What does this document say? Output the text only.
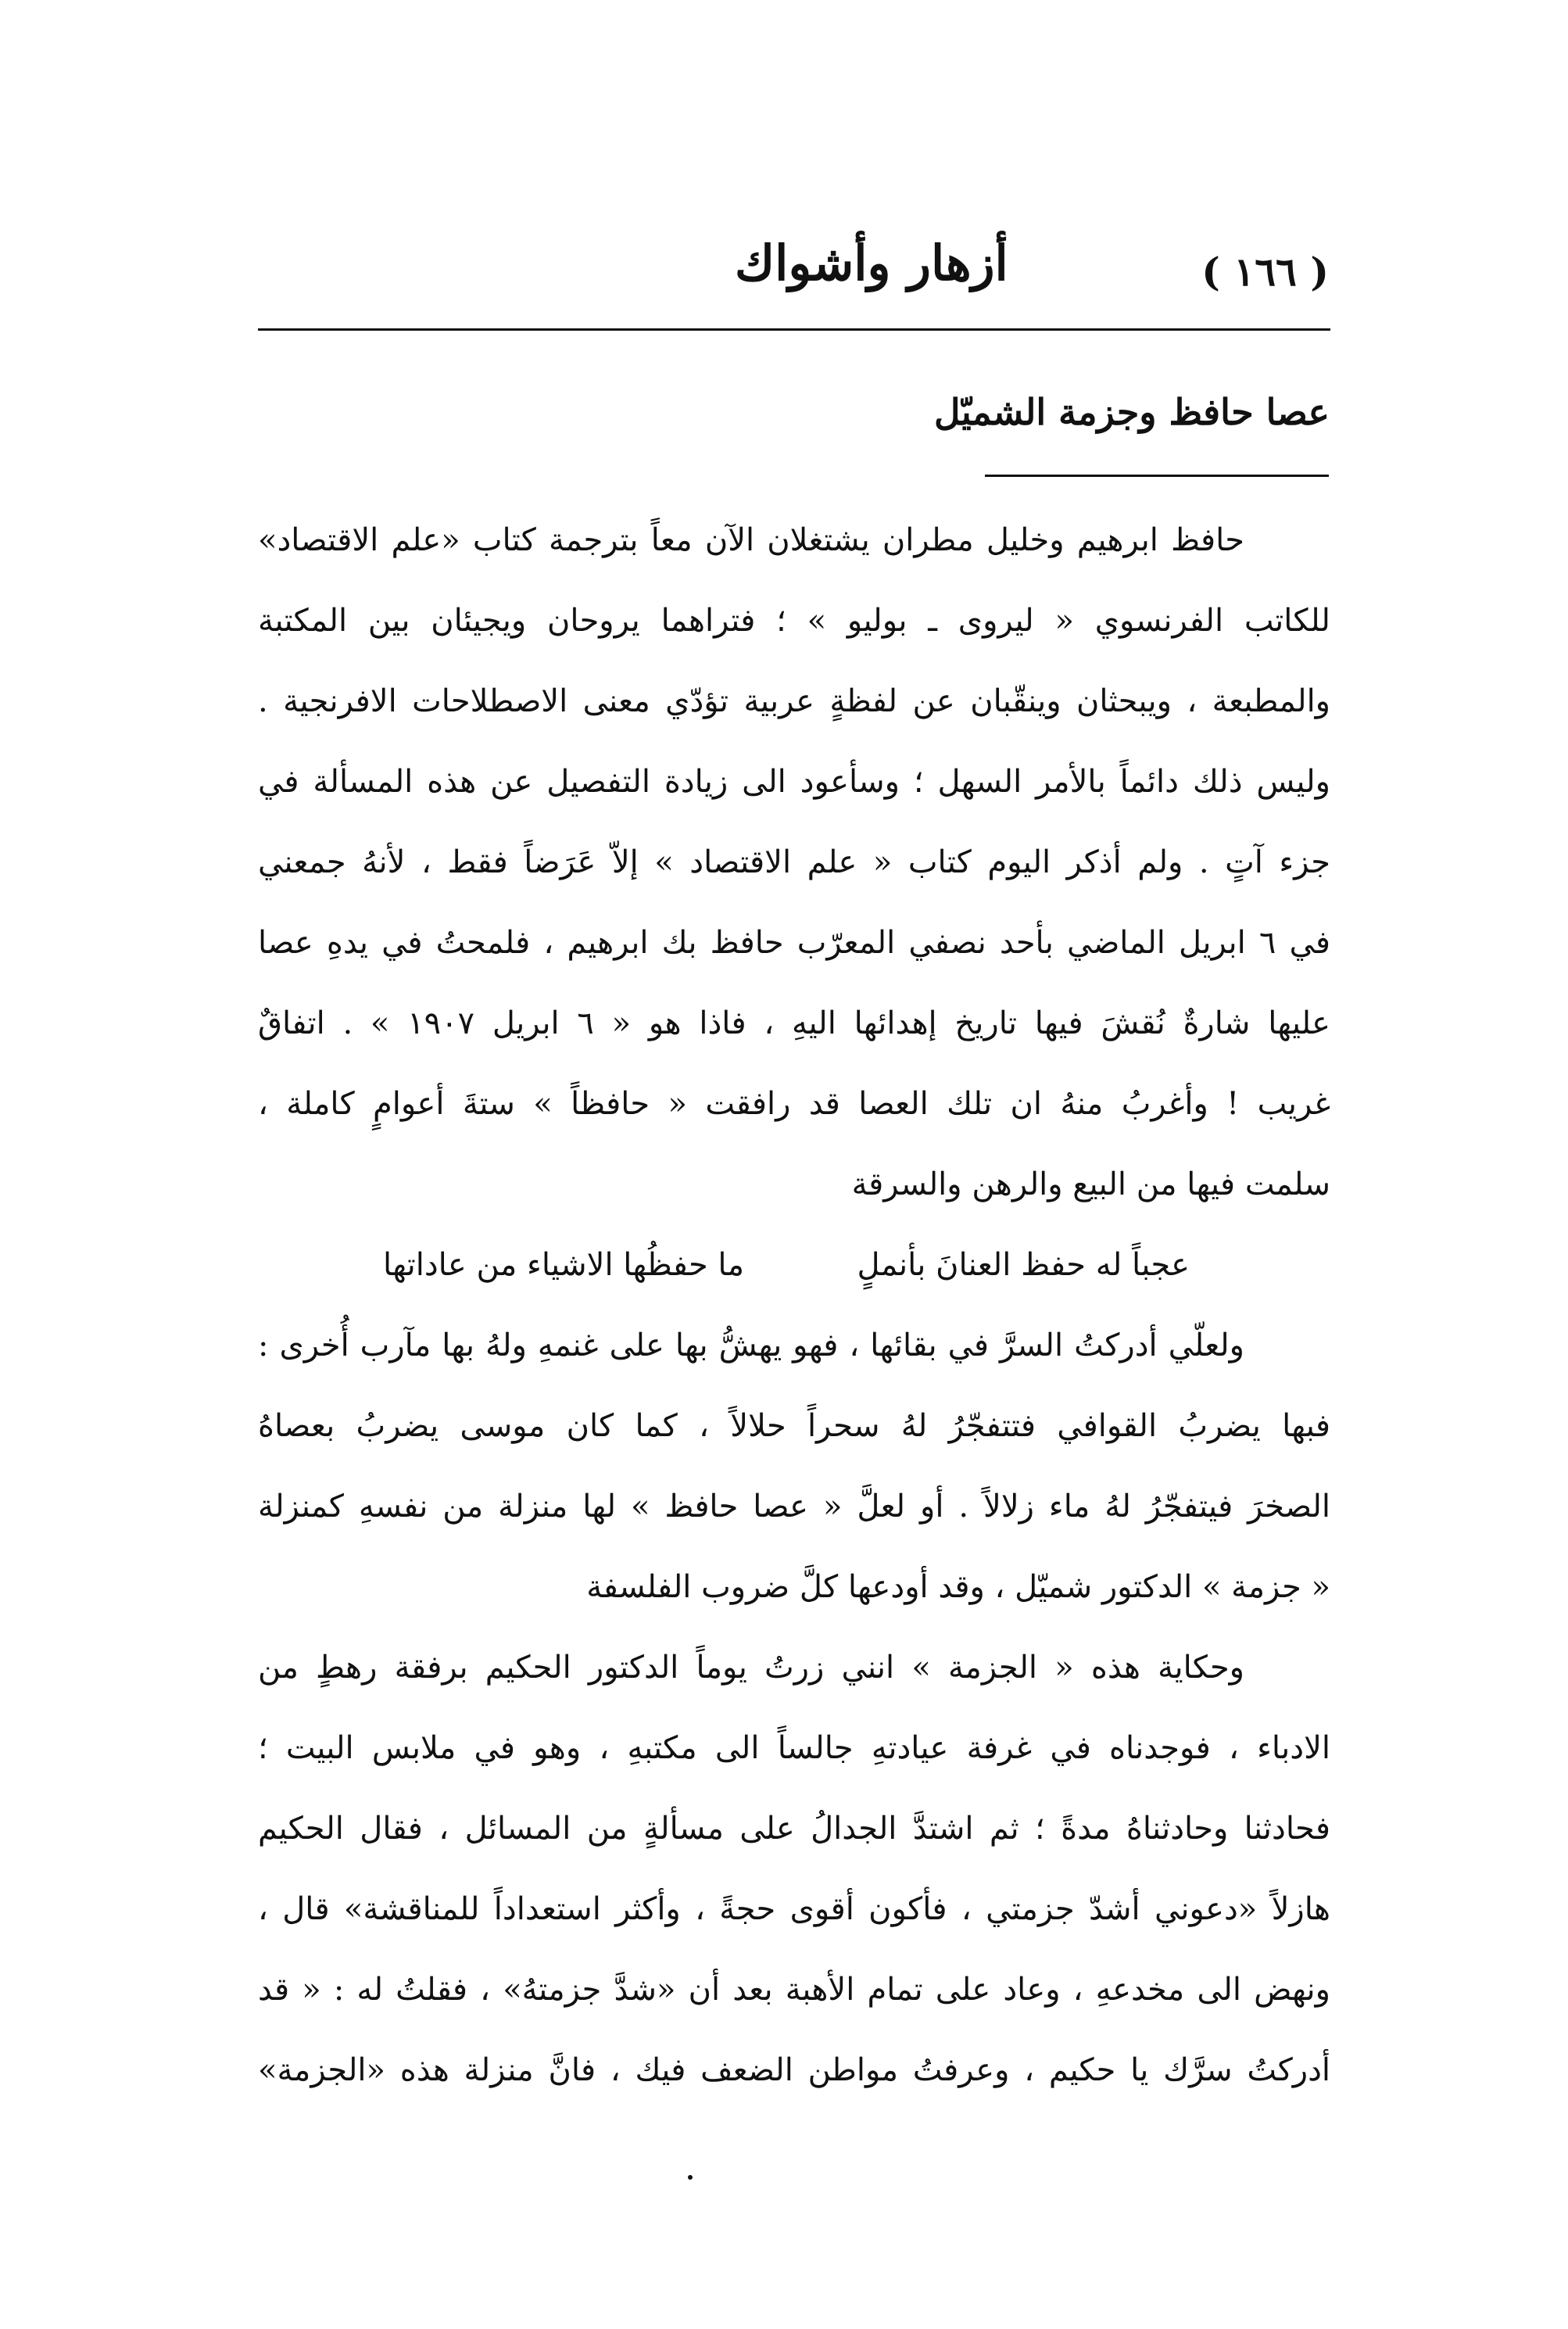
( ١٦٦ )
أزهار وأشواك
عصا حافظ وجزمة الشميّل
حافظ ابرهيم وخليل مطران يشتغلان الآن معاً بترجمة كتاب «علم الاقتصاد»
للكاتب الفرنسوي « ليروى ـ بوليو » ؛ فتراهما يروحان ويجيئان بين المكتبة
والمطبعة ، ويبحثان وينقّبان عن لفظةٍ عربية تؤدّي معنى الاصطلاحات الافرنجية .
وليس ذلك دائماً بالأمر السهل ؛ وسأعود الى زيادة التفصيل عن هذه المسألة في
جزء آتٍ . ولم أذكر اليوم كتاب « علم الاقتصاد » إلاّ عَرَضاً فقط ، لأنهُ جمعني
في ٦ ابريل الماضي بأحد نصفي المعرّب حافظ بك ابرهيم ، فلمحتُ في يدهِ عصا
عليها شارةٌ نُقشَ فيها تاريخ إهدائها اليهِ ، فاذا هو « ٦ ابريل ١٩٠٧ » . اتفاقٌ
غريب ! وأغربُ منهُ ان تلك العصا قد رافقت « حافظاً » ستةَ أعوامٍ كاملة ،
سلمت فيها من البيع والرهن والسرقة
عجباً له حفظ العنانَ بأنملٍ
ما حفظُها الاشياء من عاداتها
ولعلّي أدركتُ السرَّ في بقائها ، فهو يهشُّ بها على غنمهِ ولهُ بها مآرب أُخرى :
فبها يضربُ القوافي فتتفجّرُ لهُ سحراً حلالاً ، كما كان موسى يضربُ بعصاهُ
الصخرَ فيتفجّرُ لهُ ماء زلالاً . أو لعلَّ « عصا حافظ » لها منزلة من نفسهِ كمنزلة
« جزمة » الدكتور شميّل ، وقد أودعها كلَّ ضروب الفلسفة
وحكاية هذه « الجزمة » انني زرتُ يوماً الدكتور الحكيم برفقة رهطٍ من
الادباء ، فوجدناه في غرفة عيادتهِ جالساً الى مكتبهِ ، وهو في ملابس البيت ؛
فحادثنا وحادثناهُ مدةً ؛ ثم اشتدَّ الجدالُ على مسألةٍ من المسائل ، فقال الحكيم
هازلاً «دعوني أشدّ جزمتي ، فأكون أقوى حجةً ، وأكثر استعداداً للمناقشة» قال ،
ونهض الى مخدعهِ ، وعاد على تمام الأهبة بعد أن «شدَّ جزمتهُ» ، فقلتُ له : « قد
أدركتُ سرَّك يا حكيم ، وعرفتُ مواطن الضعف فيك ، فانَّ منزلة هذه «الجزمة»
